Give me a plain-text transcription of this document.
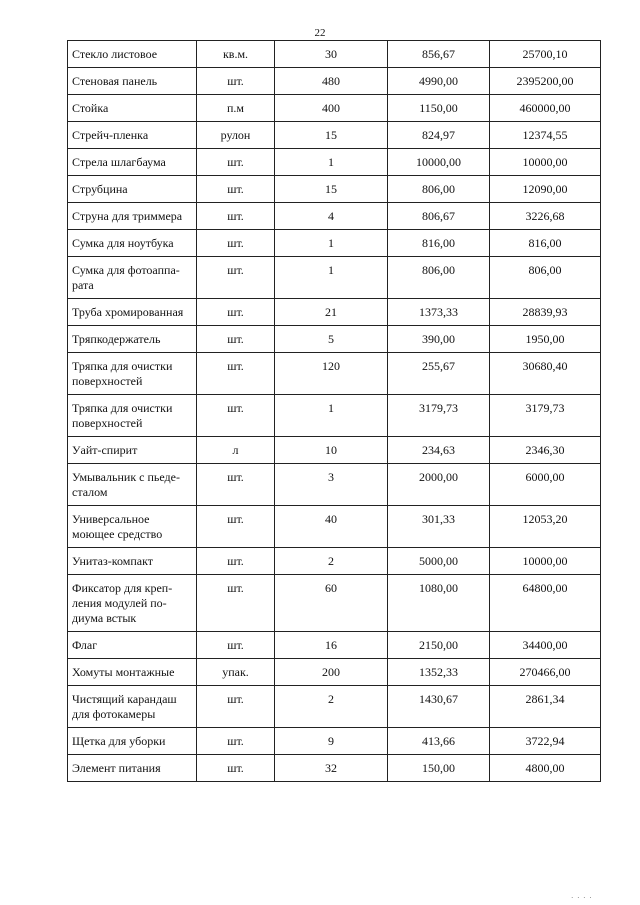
22
Стекло листовое	кв.м.	30	856,67	25700,10
Стеновая панель	шт.	480	4990,00	2395200,00
Стойка	п.м	400	1150,00	460000,00
Стрейч-пленка	рулон	15	824,97	12374,55
Стрела шлагбаума	шт.	1	10000,00	10000,00
Струбцина	шт.	15	806,00	12090,00
Струна для триммера	шт.	4	806,67	3226,68
Сумка для ноутбука	шт.	1	816,00	816,00
Сумка для фотоаппа-
рата	шт.	1	806,00	806,00
Труба хромированная	шт.	21	1373,33	28839,93
Тряпкодержатель	шт.	5	390,00	1950,00
Тряпка для очистки
поверхностей	шт.	120	255,67	30680,40
Тряпка для очистки
поверхностей	шт.	1	3179,73	3179,73
Уайт-спирит	л	10	234,63	2346,30
Умывальник с пьеде-
сталом	шт.	3	2000,00	6000,00
Универсальное
моющее средство	шт.	40	301,33	12053,20
Унитаз-компакт	шт.	2	5000,00	10000,00
Фиксатор для креп-
ления модулей по-
диума встык	шт.	60	1080,00	64800,00
Флаг	шт.	16	2150,00	34400,00
Хомуты монтажные	упак.	200	1352,33	270466,00
Чистящий карандаш
для фотокамеры	шт.	2	1430,67	2861,34
Щетка для уборки	шт.	9	413,66	3722,94
Элемент питания	шт.	32	150,00	4800,00
· · · ·
